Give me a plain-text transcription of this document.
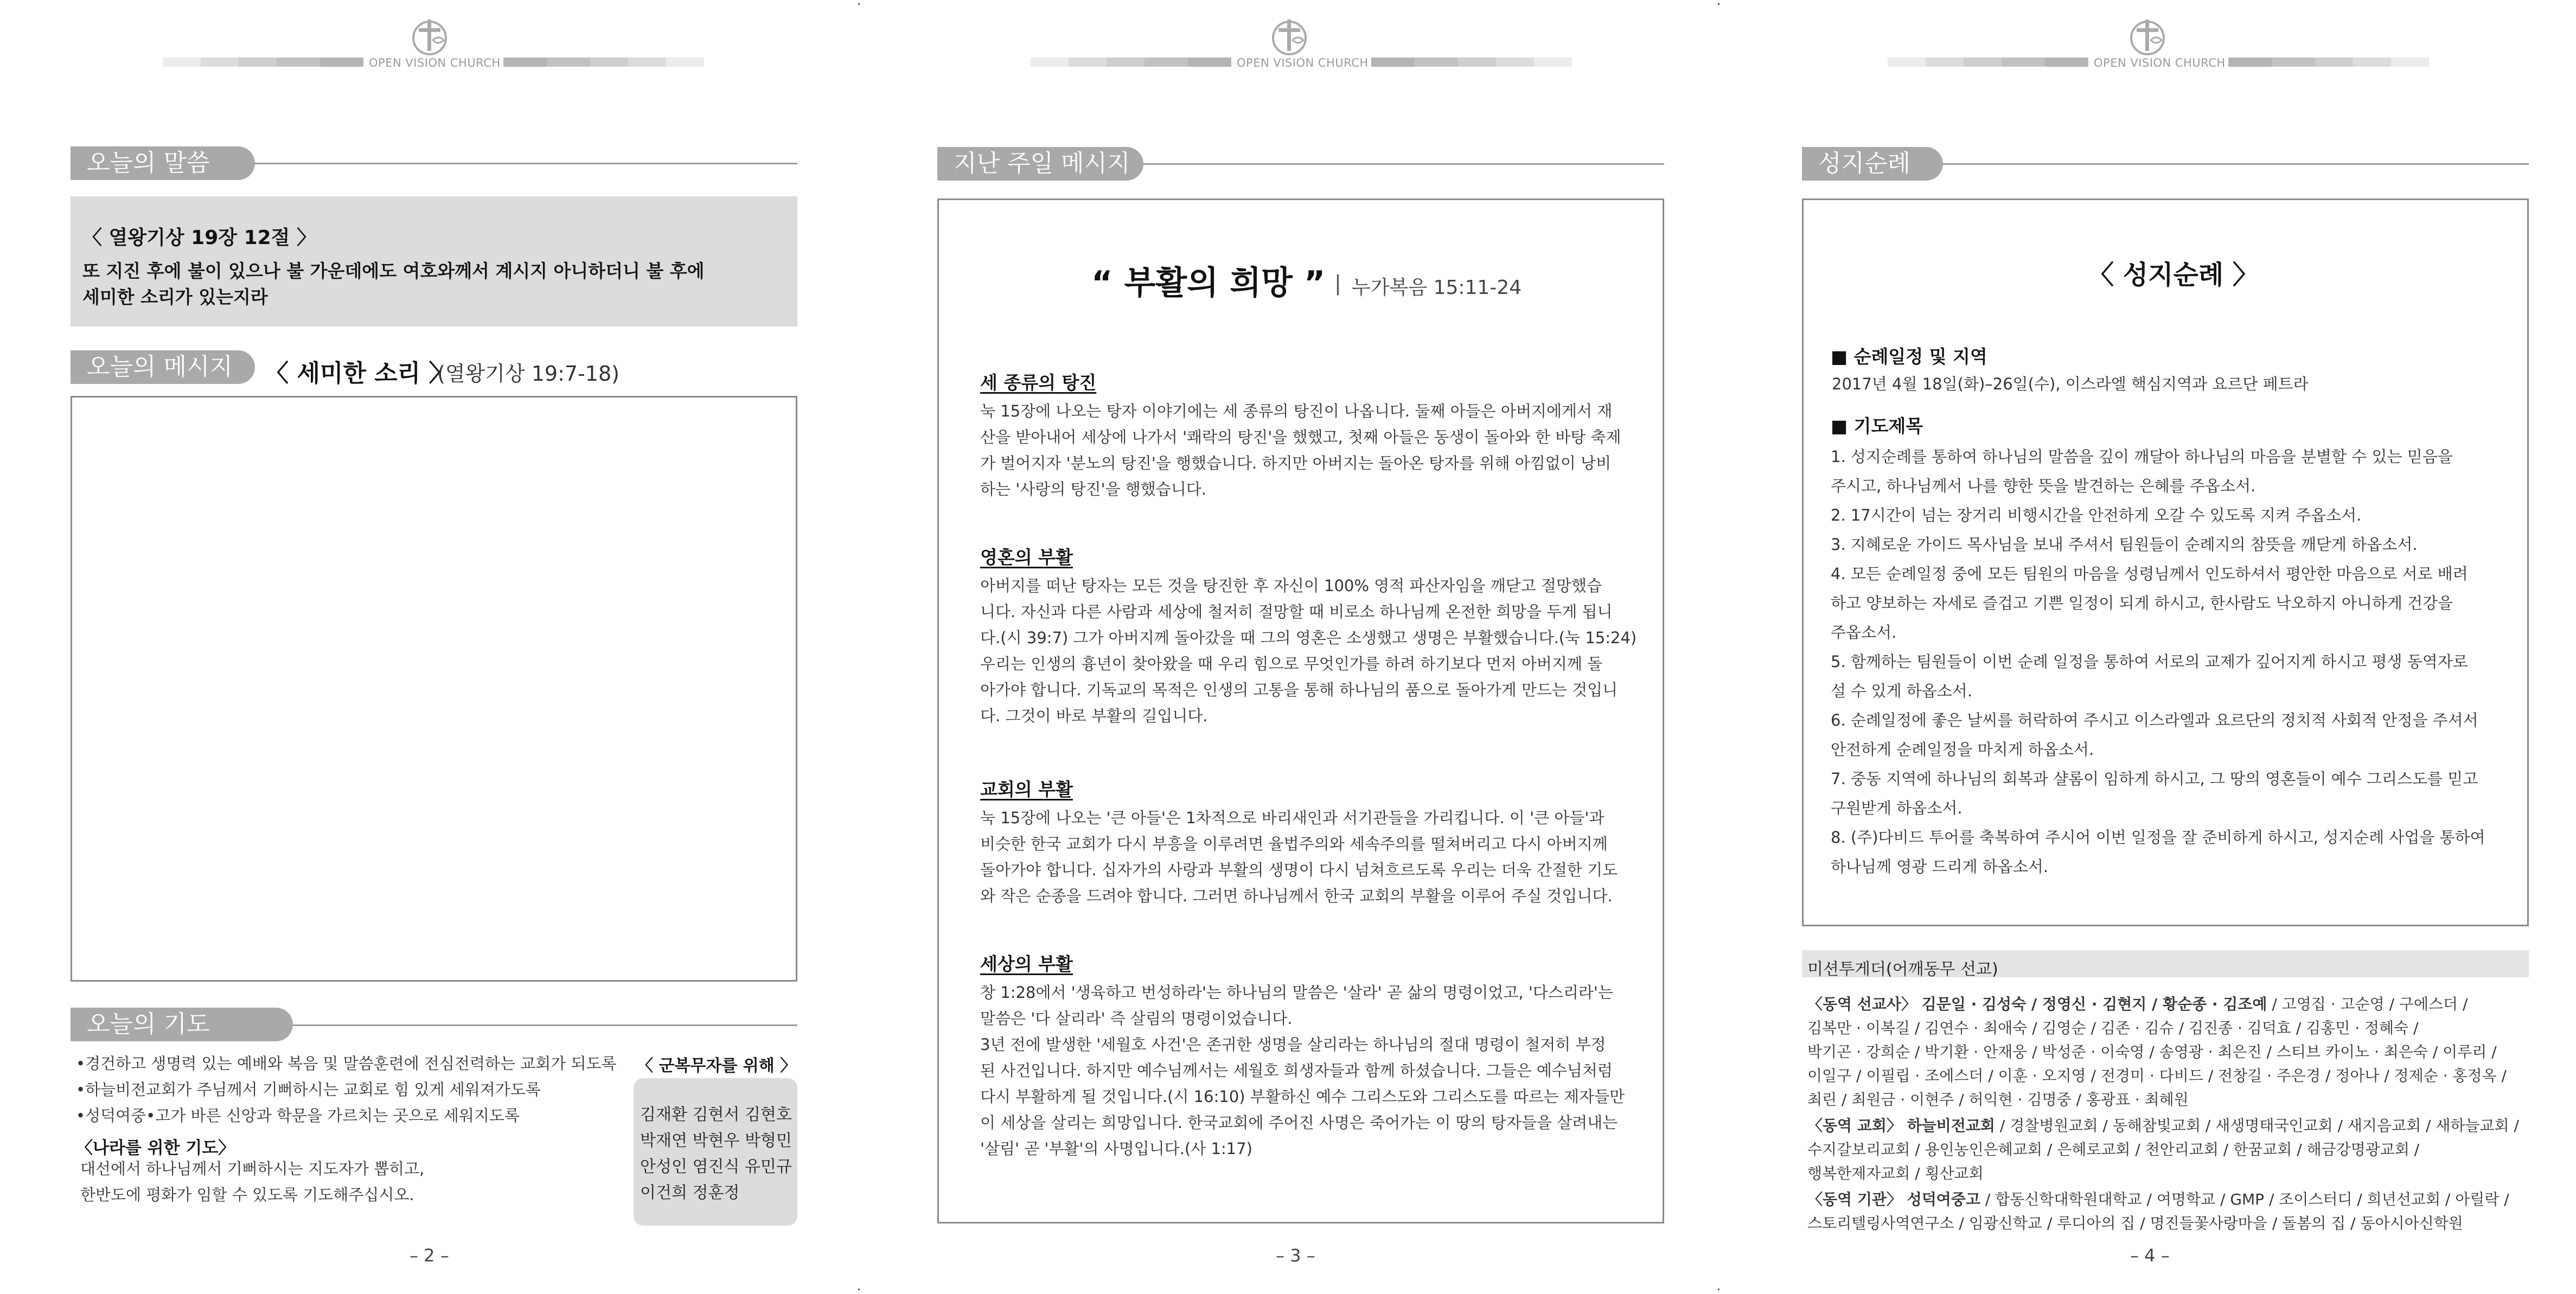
OPEN VISION CHURCH
오늘의 말씀
〈 열왕기상 19장 12절 〉
또 지진 후에 불이 있으나 불 가운데에도 여호와께서 계시지 아니하더니 불 후에
세미한 소리가 있는지라
오늘의 메시지	〈 세미한 소리 〉
(열왕기상 19:7-18)
오늘의 기도
•경건하고 생명력 있는 예배와 복음 및 말씀훈련에 전심전력하는 교회가 되도록
•하늘비전교회가 주님께서 기뻐하시는 교회로 힘 있게 세워져가도록
•성덕여중•고가 바른 신앙과 학문을 가르치는 곳으로 세워지도록
〈나라를 위한 기도〉
대선에서 하나님께서 기뻐하시는 지도자가 뽑히고,
한반도에 평화가 임할 수 있도록 기도해주십시오.
〈 군복무자를 위해 〉
김재환 김현서 김현호
박재연 박현우 박형민
안성인 염진식 유민규
이건희 정훈정
– 2 –
OPEN VISION CHURCH
지난 주일 메시지
“ 부활의 희망 ” | 누가복음 15:11-24
세 종류의 탕진
눅 15장에 나오는 탕자 이야기에는 세 종류의 탕진이 나옵니다. 둘째 아들은 아버지에게서 재
산을 받아내어 세상에 나가서 '쾌락의 탕진'을 했했고, 첫째 아들은 동생이 돌아와 한 바탕 축제
가 벌어지자 '분노의 탕진'을 행했습니다. 하지만 아버지는 돌아온 탕자를 위해 아낌없이 낭비
하는 '사랑의 탕진'을 행했습니다.
영혼의 부활
아버지를 떠난 탕자는 모든 것을 탕진한 후 자신이 100% 영적 파산자임을 깨닫고 절망했습
니다. 자신과 다른 사람과 세상에 철저히 절망할 때 비로소 하나님께 온전한 희망을 두게 됩니
다.(시 39:7) 그가 아버지께 돌아갔을 때 그의 영혼은 소생했고 생명은 부활했습니다.(눅 15:24)
우리는 인생의 흉년이 찾아왔을 때 우리 힘으로 무엇인가를 하려 하기보다 먼저 아버지께 돌
아가야 합니다. 기독교의 목적은 인생의 고통을 통해 하나님의 품으로 돌아가게 만드는 것입니
다. 그것이 바로 부활의 길입니다.
교회의 부활
눅 15장에 나오는 '큰 아들'은 1차적으로 바리새인과 서기관들을 가리킵니다. 이 '큰 아들'과
비슷한 한국 교회가 다시 부흥을 이루려면 율법주의와 세속주의를 떨쳐버리고 다시 아버지께
돌아가야 합니다. 십자가의 사랑과 부활의 생명이 다시 넘쳐흐르도록 우리는 더욱 간절한 기도
와 작은 순종을 드려야 합니다. 그러면 하나님께서 한국 교회의 부활을 이루어 주실 것입니다.
세상의 부활
창 1:28에서 '생육하고 번성하라'는 하나님의 말씀은 '살라' 곧 삶의 명령이었고, '다스리라'는
말씀은 '다 살리라' 즉 살림의 명령이었습니다.
3년 전에 발생한 '세월호 사건'은 존귀한 생명을 살리라는 하나님의 절대 명령이 철저히 부정
된 사건입니다. 하지만 예수님께서는 세월호 희생자들과 함께 하셨습니다. 그들은 예수님처럼
다시 부활하게 될 것입니다.(시 16:10) 부활하신 예수 그리스도와 그리스도를 따르는 제자들만
이 세상을 살리는 희망입니다. 한국교회에 주어진 사명은 죽어가는 이 땅의 탕자들을 살려내는
'살림' 곧 '부활'의 사명입니다.(사 1:17)
– 3 –
OPEN VISION CHURCH
성지순례
〈 성지순례 〉
■ 순례일정 및 지역
2017년 4월 18일(화)–26일(수), 이스라엘 핵심지역과 요르단 페트라
■ 기도제목
1. 성지순례를 통하여 하나님의 말씀을 깊이 깨달아 하나님의 마음을 분별할 수 있는 믿음을
주시고, 하나님께서 나를 향한 뜻을 발견하는 은혜를 주옵소서.
2. 17시간이 넘는 장거리 비행시간을 안전하게 오갈 수 있도록 지켜 주옵소서.
3. 지혜로운 가이드 목사님을 보내 주셔서 팀원들이 순례지의 참뜻을 깨닫게 하옵소서.
4. 모든 순례일정 중에 모든 팀원의 마음을 성령님께서 인도하셔서 평안한 마음으로 서로 배려
하고 양보하는 자세로 즐겁고 기쁜 일정이 되게 하시고, 한사람도 낙오하지 아니하게 건강을
주옵소서.
5. 함께하는 팀원들이 이번 순례 일정을 통하여 서로의 교제가 깊어지게 하시고 평생 동역자로
설 수 있게 하옵소서.
6. 순례일정에 좋은 날씨를 허락하여 주시고 이스라엘과 요르단의 정치적 사회적 안정을 주셔서
안전하게 순례일정을 마치게 하옵소서.
7. 중동 지역에 하나님의 회복과 샬롬이 임하게 하시고, 그 땅의 영혼들이 예수 그리스도를 믿고
구원받게 하옵소서.
8. (주)다비드 투어를 축복하여 주시어 이번 일정을 잘 준비하게 하시고, 성지순례 사업을 통하여
하나님께 영광 드리게 하옵소서.
미션투게더(어깨동무 선교)
〈동역 선교사〉 김문일 · 김성숙 / 정영신 · 김현지 / 황순종 · 김조예 / 고영집 · 고순영 / 구에스더 /
김복만 · 이복길 / 김연수 · 최애숙 / 김영순 / 김존 · 김슈 / 김진종 · 김덕효 / 김홍민 · 정혜숙 /
박기곤 · 강희순 / 박기환 · 안재웅 / 박성준 · 이숙영 / 송영광 · 최은진 / 스티브 카이노 · 최은숙 / 이루리 /
이일구 / 이필립 · 조에스더 / 이훈 · 오지영 / 전경미 · 다비드 / 전창길 · 주은경 / 정아나 / 정제순 · 홍정옥 /
최린 / 최원금 · 이현주 / 허익현 · 김명중 / 홍광표 · 최혜원
〈동역 교회〉 하늘비전교회 / 경찰병원교회 / 동해참빛교회 / 새생명태국인교회 / 새지음교회 / 새하늘교회 /
수지갈보리교회 / 용인농인은혜교회 / 은혜로교회 / 천안리교회 / 한꿈교회 / 해금강명광교회 /
행복한제자교회 / 횡산교회
〈동역 기관〉 성덕여중고 / 합동신학대학원대학교 / 여명학교 / GMP / 조이스터디 / 희년선교회 / 아릴락 /
스토리텔링사역연구소 / 임광신학교 / 루디아의 집 / 명진들꽃사랑마을 / 돌봄의 집 / 동아시아신학원
– 4 –
